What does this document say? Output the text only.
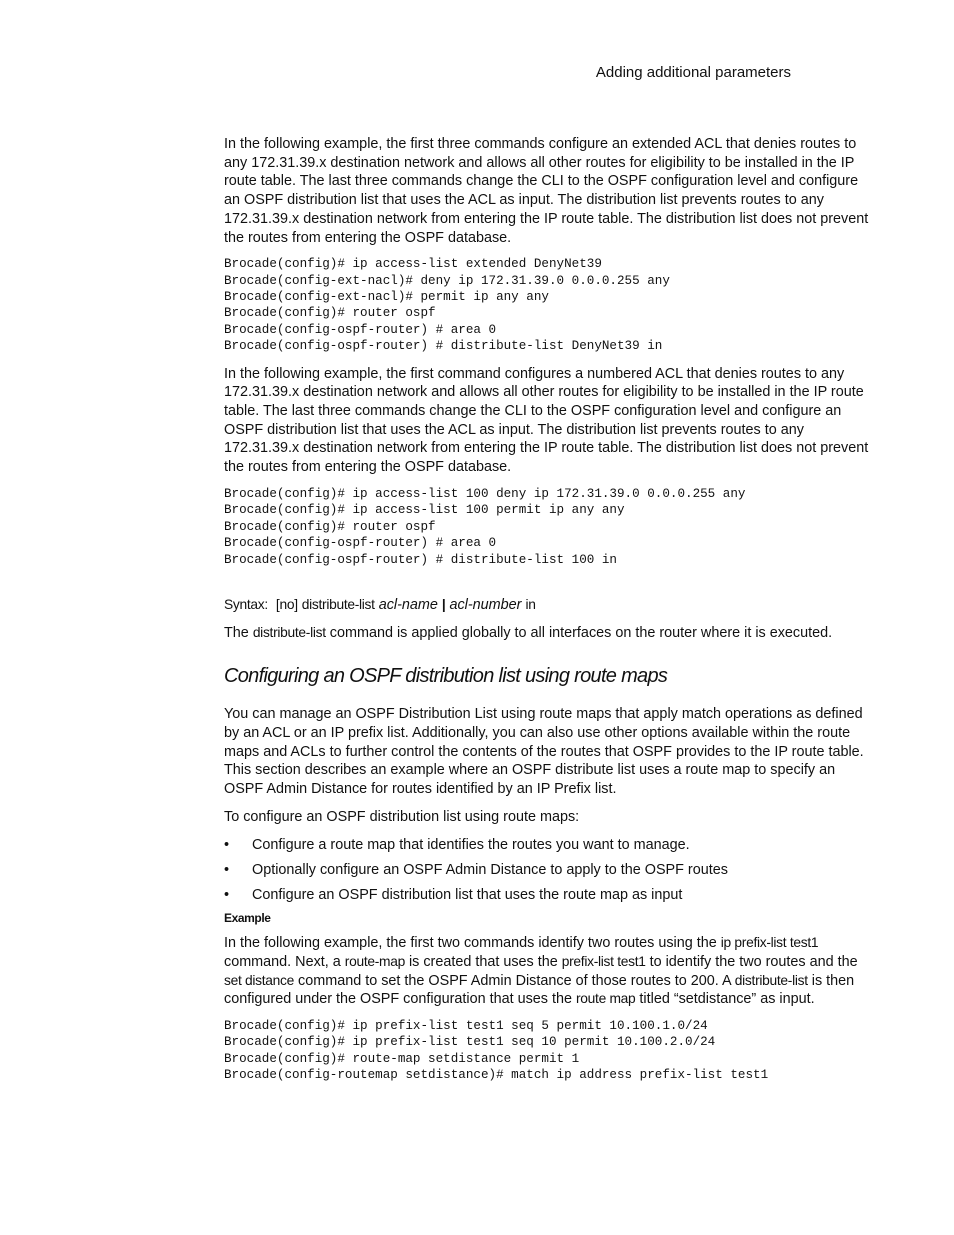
Adding additional parameters

In the following example, the first three commands configure an extended ACL that denies routes to any 172.31.39.x destination network and allows all other routes for eligibility to be installed in the IP route table. The last three commands change the CLI to the OSPF configuration level and configure an OSPF distribution list that uses the ACL as input. The distribution list prevents routes to any 172.31.39.x destination network from entering the IP route table. The distribution list does not prevent the routes from entering the OSPF database.

Brocade(config)# ip access-list extended DenyNet39
Brocade(config-ext-nacl)# deny ip 172.31.39.0 0.0.0.255 any
Brocade(config-ext-nacl)# permit ip any any
Brocade(config)# router ospf
Brocade(config-ospf-router) # area 0
Brocade(config-ospf-router) # distribute-list DenyNet39 in

In the following example, the first command configures a numbered ACL that denies routes to any 172.31.39.x destination network and allows all other routes for eligibility to be installed in the IP route table. The last three commands change the CLI to the OSPF configuration level and configure an OSPF distribution list that uses the ACL as input. The distribution list prevents routes to any 172.31.39.x destination network from entering the IP route table. The distribution list does not prevent the routes from entering the OSPF database.

Brocade(config)# ip access-list 100 deny ip 172.31.39.0 0.0.0.255 any
Brocade(config)# ip access-list 100 permit ip any any
Brocade(config)# router ospf
Brocade(config-ospf-router) # area 0
Brocade(config-ospf-router) # distribute-list 100 in

Syntax: [no] distribute-list acl-name | acl-number in

The distribute-list command is applied globally to all interfaces on the router where it is executed.

Configuring an OSPF distribution list using route maps

You can manage an OSPF Distribution List using route maps that apply match operations as defined by an ACL or an IP prefix list. Additionally, you can also use other options available within the route maps and ACLs to further control the contents of the routes that OSPF provides to the IP route table. This section describes an example where an OSPF distribute list uses a route map to specify an OSPF Admin Distance for routes identified by an IP Prefix list.

To configure an OSPF distribution list using route maps:

• Configure a route map that identifies the routes you want to manage.
• Optionally configure an OSPF Admin Distance to apply to the OSPF routes
• Configure an OSPF distribution list that uses the route map as input
Example

In the following example, the first two commands identify two routes using the ip prefix-list test1 command. Next, a route-map is created that uses the prefix-list test1 to identify the two routes and the set distance command to set the OSPF Admin Distance of those routes to 200. A distribute-list is then configured under the OSPF configuration that uses the route map titled “setdistance” as input.

Brocade(config)# ip prefix-list test1 seq 5 permit 10.100.1.0/24
Brocade(config)# ip prefix-list test1 seq 10 permit 10.100.2.0/24
Brocade(config)# route-map setdistance permit 1
Brocade(config-routemap setdistance)# match ip address prefix-list test1
